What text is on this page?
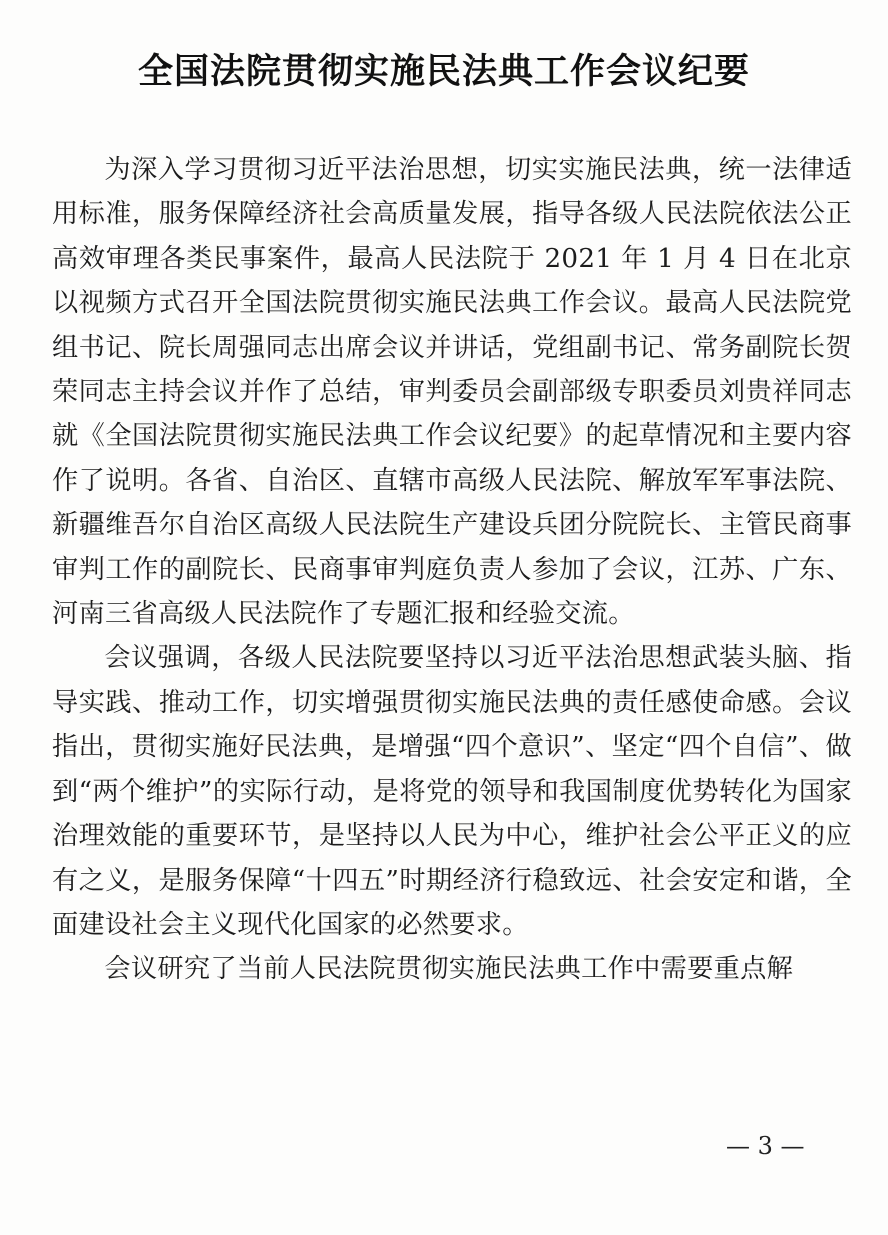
全国法院贯彻实施民法典工作会议纪要

为深入学习贯彻习近平法治思想，切实实施民法典，统一法律适用标准，服务保障经济社会高质量发展，指导各级人民法院依法公正高效审理各类民事案件，最高人民法院于 2021 年 1 月 4 日在北京以视频方式召开全国法院贯彻实施民法典工作会议。最高人民法院党组书记、院长周强同志出席会议并讲话，党组副书记、常务副院长贺荣同志主持会议并作了总结，审判委员会副部级专职委员刘贵祥同志就《全国法院贯彻实施民法典工作会议纪要》的起草情况和主要内容作了说明。各省、自治区、直辖市高级人民法院、解放军军事法院、新疆维吾尔自治区高级人民法院生产建设兵团分院院长、主管民商事审判工作的副院长、民商事审判庭负责人参加了会议，江苏、广东、河南三省高级人民法院作了专题汇报和经验交流。

会议强调，各级人民法院要坚持以习近平法治思想武装头脑、指导实践、推动工作，切实增强贯彻实施民法典的责任感使命感。会议指出，贯彻实施好民法典，是增强“四个意识”、坚定“四个自信”、做到“两个维护”的实际行动，是将党的领导和我国制度优势转化为国家治理效能的重要环节，是坚持以人民为中心，维护社会公平正义的应有之义，是服务保障“十四五”时期经济行稳致远、社会安定和谐，全面建设社会主义现代化国家的必然要求。

会议研究了当前人民法院贯彻实施民法典工作中需要重点解

— 3 —
